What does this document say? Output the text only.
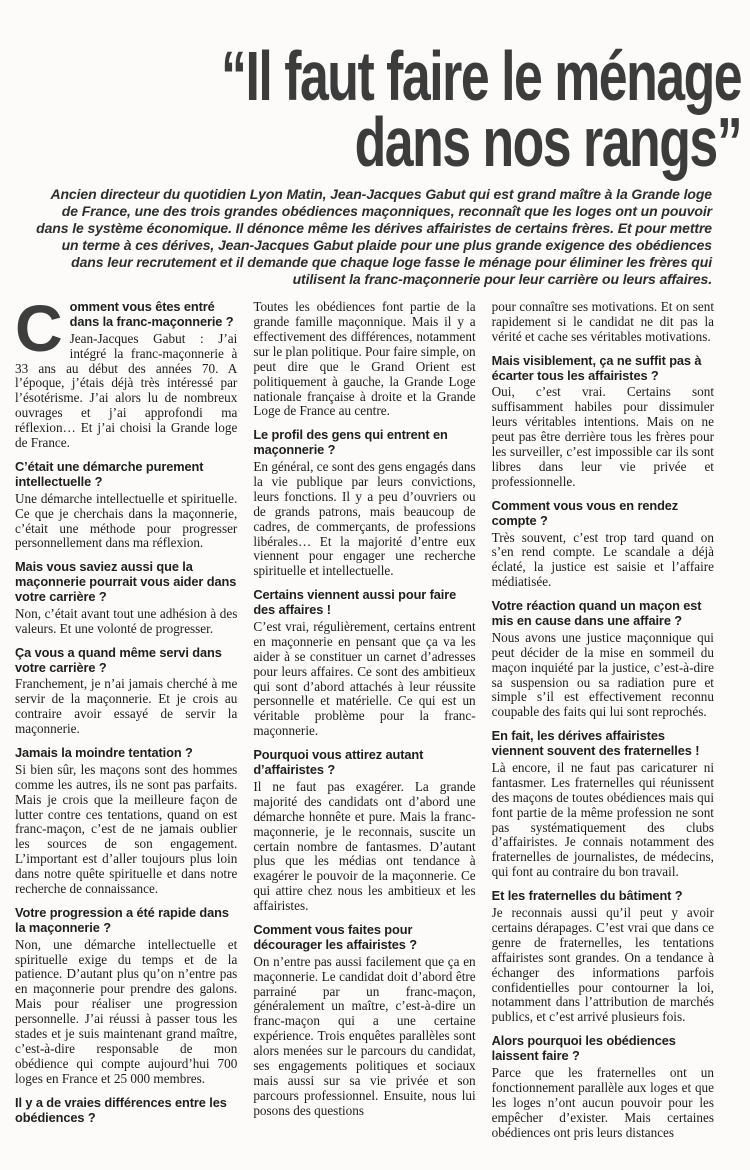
“Il faut faire le ménage
dans nos rangs”

Ancien directeur du quotidien Lyon Matin, Jean-Jacques Gabut qui est grand maître à la Grande loge de France, une des trois grandes obédiences maçonniques, reconnaît que les loges ont un pouvoir dans le système économique. Il dénonce même les dérives affairistes de certains frères. Et pour mettre un terme à ces dérives, Jean-Jacques Gabut plaide pour une plus grande exigence des obédiences dans leur recrutement et il demande que chaque loge fasse le ménage pour éliminer les frères qui utilisent la franc-maçonnerie pour leur carrière ou leurs affaires.

C omment vous êtes entré dans la franc-maçonnerie ?

Jean-Jacques Gabut : J’ai intégré la franc-maçonnerie à 33 ans au début des années 70. A l’époque, j’étais déjà très intéressé par l’ésotérisme. J’ai alors lu de nombreux ouvrages et j’ai approfondi ma réflexion… Et j’ai choisi la Grande loge de France.

C’était une démarche purement intellectuelle ?

Une démarche intellectuelle et spirituelle. Ce que je cherchais dans la maçonnerie, c’était une méthode pour progresser personnellement dans ma réflexion.

Mais vous saviez aussi que la maçonnerie pourrait vous aider dans votre carrière ?

Non, c’était avant tout une adhésion à des valeurs. Et une volonté de progresser.

Ça vous a quand même servi dans votre carrière ?

Franchement, je n’ai jamais cherché à me servir de la maçonnerie. Et je crois au contraire avoir essayé de servir la maçonnerie.

Jamais la moindre tentation ?

Si bien sûr, les maçons sont des hommes comme les autres, ils ne sont pas parfaits. Mais je crois que la meilleure façon de lutter contre ces tentations, quand on est franc-maçon, c’est de ne jamais oublier les sources de son engagement. L’important est d’aller toujours plus loin dans notre quête spirituelle et dans notre recherche de connaissance.

Votre progression a été rapide dans la maçonnerie ?

Non, une démarche intellectuelle et spirituelle exige du temps et de la patience. D’autant plus qu’on n’entre pas en maçonnerie pour prendre des galons. Mais pour réaliser une progression personnelle. J’ai réussi à passer tous les stades et je suis maintenant grand maître, c’est-à-dire responsable de mon obédience qui compte aujourd’hui 700 loges en France et 25 000 membres.

Il y a de vraies différences entre les obédiences ?

Toutes les obédiences font partie de la grande famille maçonnique. Mais il y a effectivement des différences, notamment sur le plan politique. Pour faire simple, on peut dire que le Grand Orient est politiquement à gauche, la Grande Loge nationale française à droite et la Grande Loge de France au centre.

Le profil des gens qui entrent en maçonnerie ?

En général, ce sont des gens engagés dans la vie publique par leurs convictions, leurs fonctions. Il y a peu d’ouvriers ou de grands patrons, mais beaucoup de cadres, de commerçants, de professions libérales… Et la majorité d’entre eux viennent pour engager une recherche spirituelle et intellectuelle.

Certains viennent aussi pour faire des affaires !

C’est vrai, régulièrement, certains entrent en maçonnerie en pensant que ça va les aider à se constituer un carnet d’adresses pour leurs affaires. Ce sont des ambitieux qui sont d’abord attachés à leur réussite personnelle et matérielle. Ce qui est un véritable problème pour la franc-maçonnerie.

Pourquoi vous attirez autant d’affairistes ?

Il ne faut pas exagérer. La grande majorité des candidats ont d’abord une démarche honnête et pure. Mais la franc-maçonnerie, je le reconnais, suscite un certain nombre de fantasmes. D’autant plus que les médias ont tendance à exagérer le pouvoir de la maçonnerie. Ce qui attire chez nous les ambitieux et les affairistes.

Comment vous faites pour décourager les affairistes ?

On n’entre pas aussi facilement que ça en maçonnerie. Le candidat doit d’abord être parrainé par un franc-maçon, généralement un maître, c’est-à-dire un franc-maçon qui a une certaine expérience. Trois enquêtes parallèles sont alors menées sur le parcours du candidat, ses engagements politiques et sociaux mais aussi sur sa vie privée et son parcours professionnel. Ensuite, nous lui posons des questions

pour connaître ses motivations. Et on sent rapidement si le candidat ne dit pas la vérité et cache ses véritables motivations.

Mais visiblement, ça ne suffit pas à écarter tous les affairistes ?

Oui, c’est vrai. Certains sont suffisamment habiles pour dissimuler leurs véritables intentions. Mais on ne peut pas être derrière tous les frères pour les surveiller, c’est impossible car ils sont libres dans leur vie privée et professionnelle.

Comment vous vous en rendez compte ?

Très souvent, c’est trop tard quand on s’en rend compte. Le scandale a déjà éclaté, la justice est saisie et l’affaire médiatisée.

Votre réaction quand un maçon est mis en cause dans une affaire ?

Nous avons une justice maçonnique qui peut décider de la mise en sommeil du maçon inquiété par la justice, c’est-à-dire sa suspension ou sa radiation pure et simple s’il est effectivement reconnu coupable des faits qui lui sont reprochés.

En fait, les dérives affairistes viennent souvent des fraternelles !

Là encore, il ne faut pas caricaturer ni fantasmer. Les fraternelles qui réunissent des maçons de toutes obédiences mais qui font partie de la même profession ne sont pas systématiquement des clubs d’affairistes. Je connais notamment des fraternelles de journalistes, de médecins, qui font au contraire du bon travail.

Et les fraternelles du bâtiment ?

Je reconnais aussi qu’il peut y avoir certains dérapages. C’est vrai que dans ce genre de fraternelles, les tentations affairistes sont grandes. On a tendance à échanger des informations parfois confidentielles pour contourner la loi, notamment dans l’attribution de marchés publics, et c’est arrivé plusieurs fois.

Alors pourquoi les obédiences laissent faire ?

Parce que les fraternelles ont un fonctionnement parallèle aux loges et que les loges n’ont aucun pouvoir pour les empêcher d’exister. Mais certaines obédiences ont pris leurs distances
